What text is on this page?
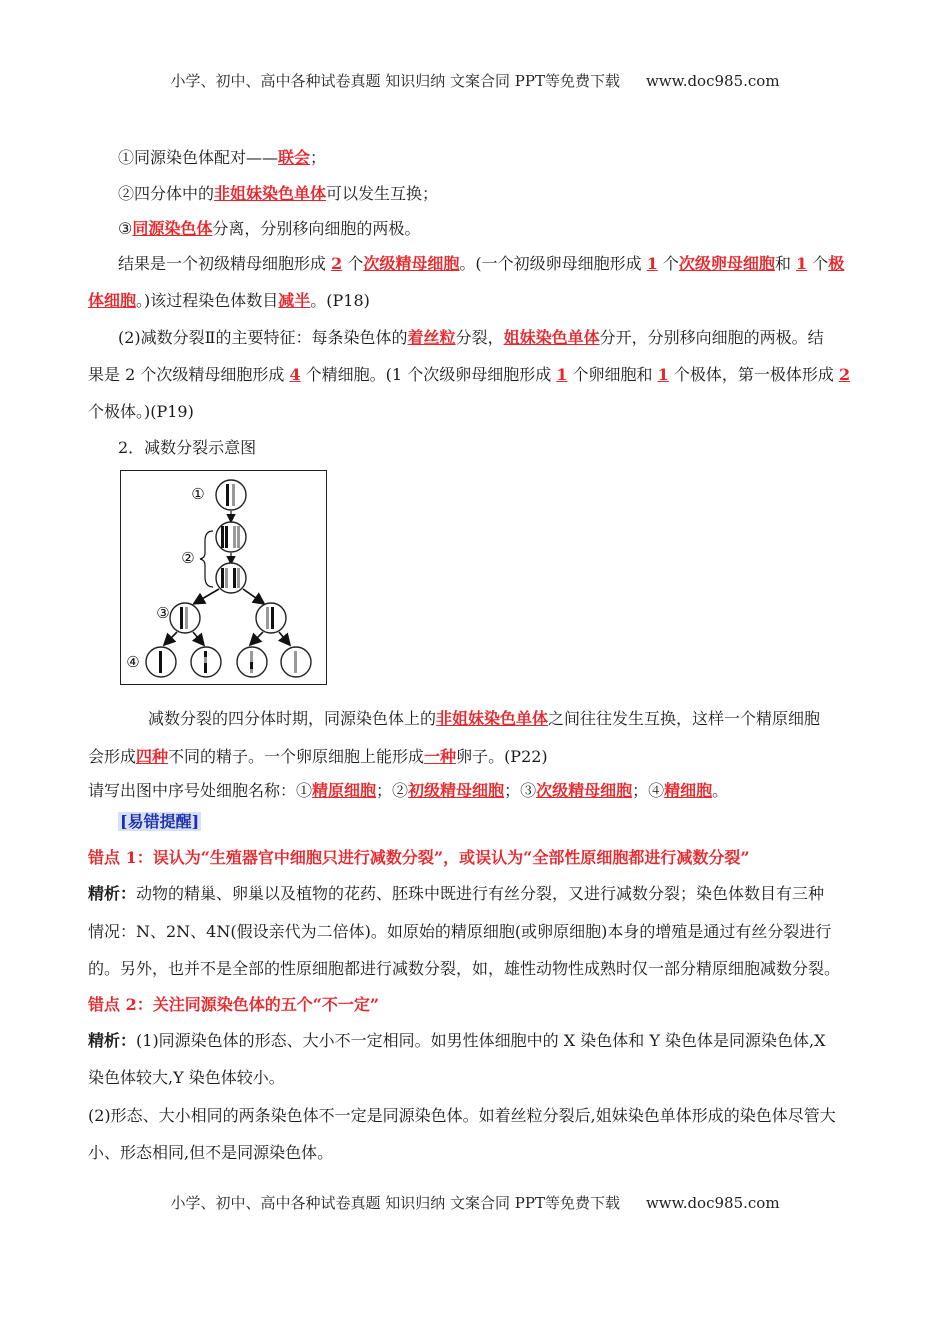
小学、初中、高中各种试卷真题 知识归纳 文案合同 PPT等免费下载 www.doc985.com
①同源染色体配对——联会；
②四分体中的非姐妹染色单体可以发生互换；
③同源染色体分离，分别移向细胞的两极。
结果是一个初级精母细胞形成 2 个次级精母细胞。(一个初级卵母细胞形成 1 个次级卵母细胞和 1 个极
体细胞。)该过程染色体数目减半。(P18)
(2)减数分裂Ⅱ的主要特征：每条染色体的着丝粒分裂，姐妹染色单体分开，分别移向细胞的两极。结
果是 2 个次级精母细胞形成 4 个精细胞。(1 个次级卵母细胞形成 1 个卵细胞和 1 个极体，第一极体形成 2
个极体。)(P19)
2．减数分裂示意图
①
②
③
④
减数分裂的四分体时期，同源染色体上的非姐妹染色单体之间往往发生互换，这样一个精原细胞
会形成四种不同的精子。一个卵原细胞上能形成一种卵子。(P22)
请写出图中序号处细胞名称：①精原细胞；②初级精母细胞；③次级精母细胞；④精细胞。
[易错提醒]
错点 1：误认为“生殖器官中细胞只进行减数分裂”，或误认为“全部性原细胞都进行减数分裂”
精析：动物的精巢、卵巢以及植物的花药、胚珠中既进行有丝分裂，又进行减数分裂；染色体数目有三种
情况：N、2N、4N(假设亲代为二倍体)。如原始的精原细胞(或卵原细胞)本身的增殖是通过有丝分裂进行
的。另外，也并不是全部的性原细胞都进行减数分裂，如，雄性动物性成熟时仅一部分精原细胞减数分裂。
错点 2：关注同源染色体的五个“不一定”
精析：(1)同源染色体的形态、大小不一定相同。如男性体细胞中的 X 染色体和 Y 染色体是同源染色体,X
染色体较大,Y 染色体较小。
(2)形态、大小相同的两条染色体不一定是同源染色体。如着丝粒分裂后,姐妹染色单体形成的染色体尽管大
小、形态相同,但不是同源染色体。
小学、初中、高中各种试卷真题 知识归纳 文案合同 PPT等免费下载 www.doc985.com
